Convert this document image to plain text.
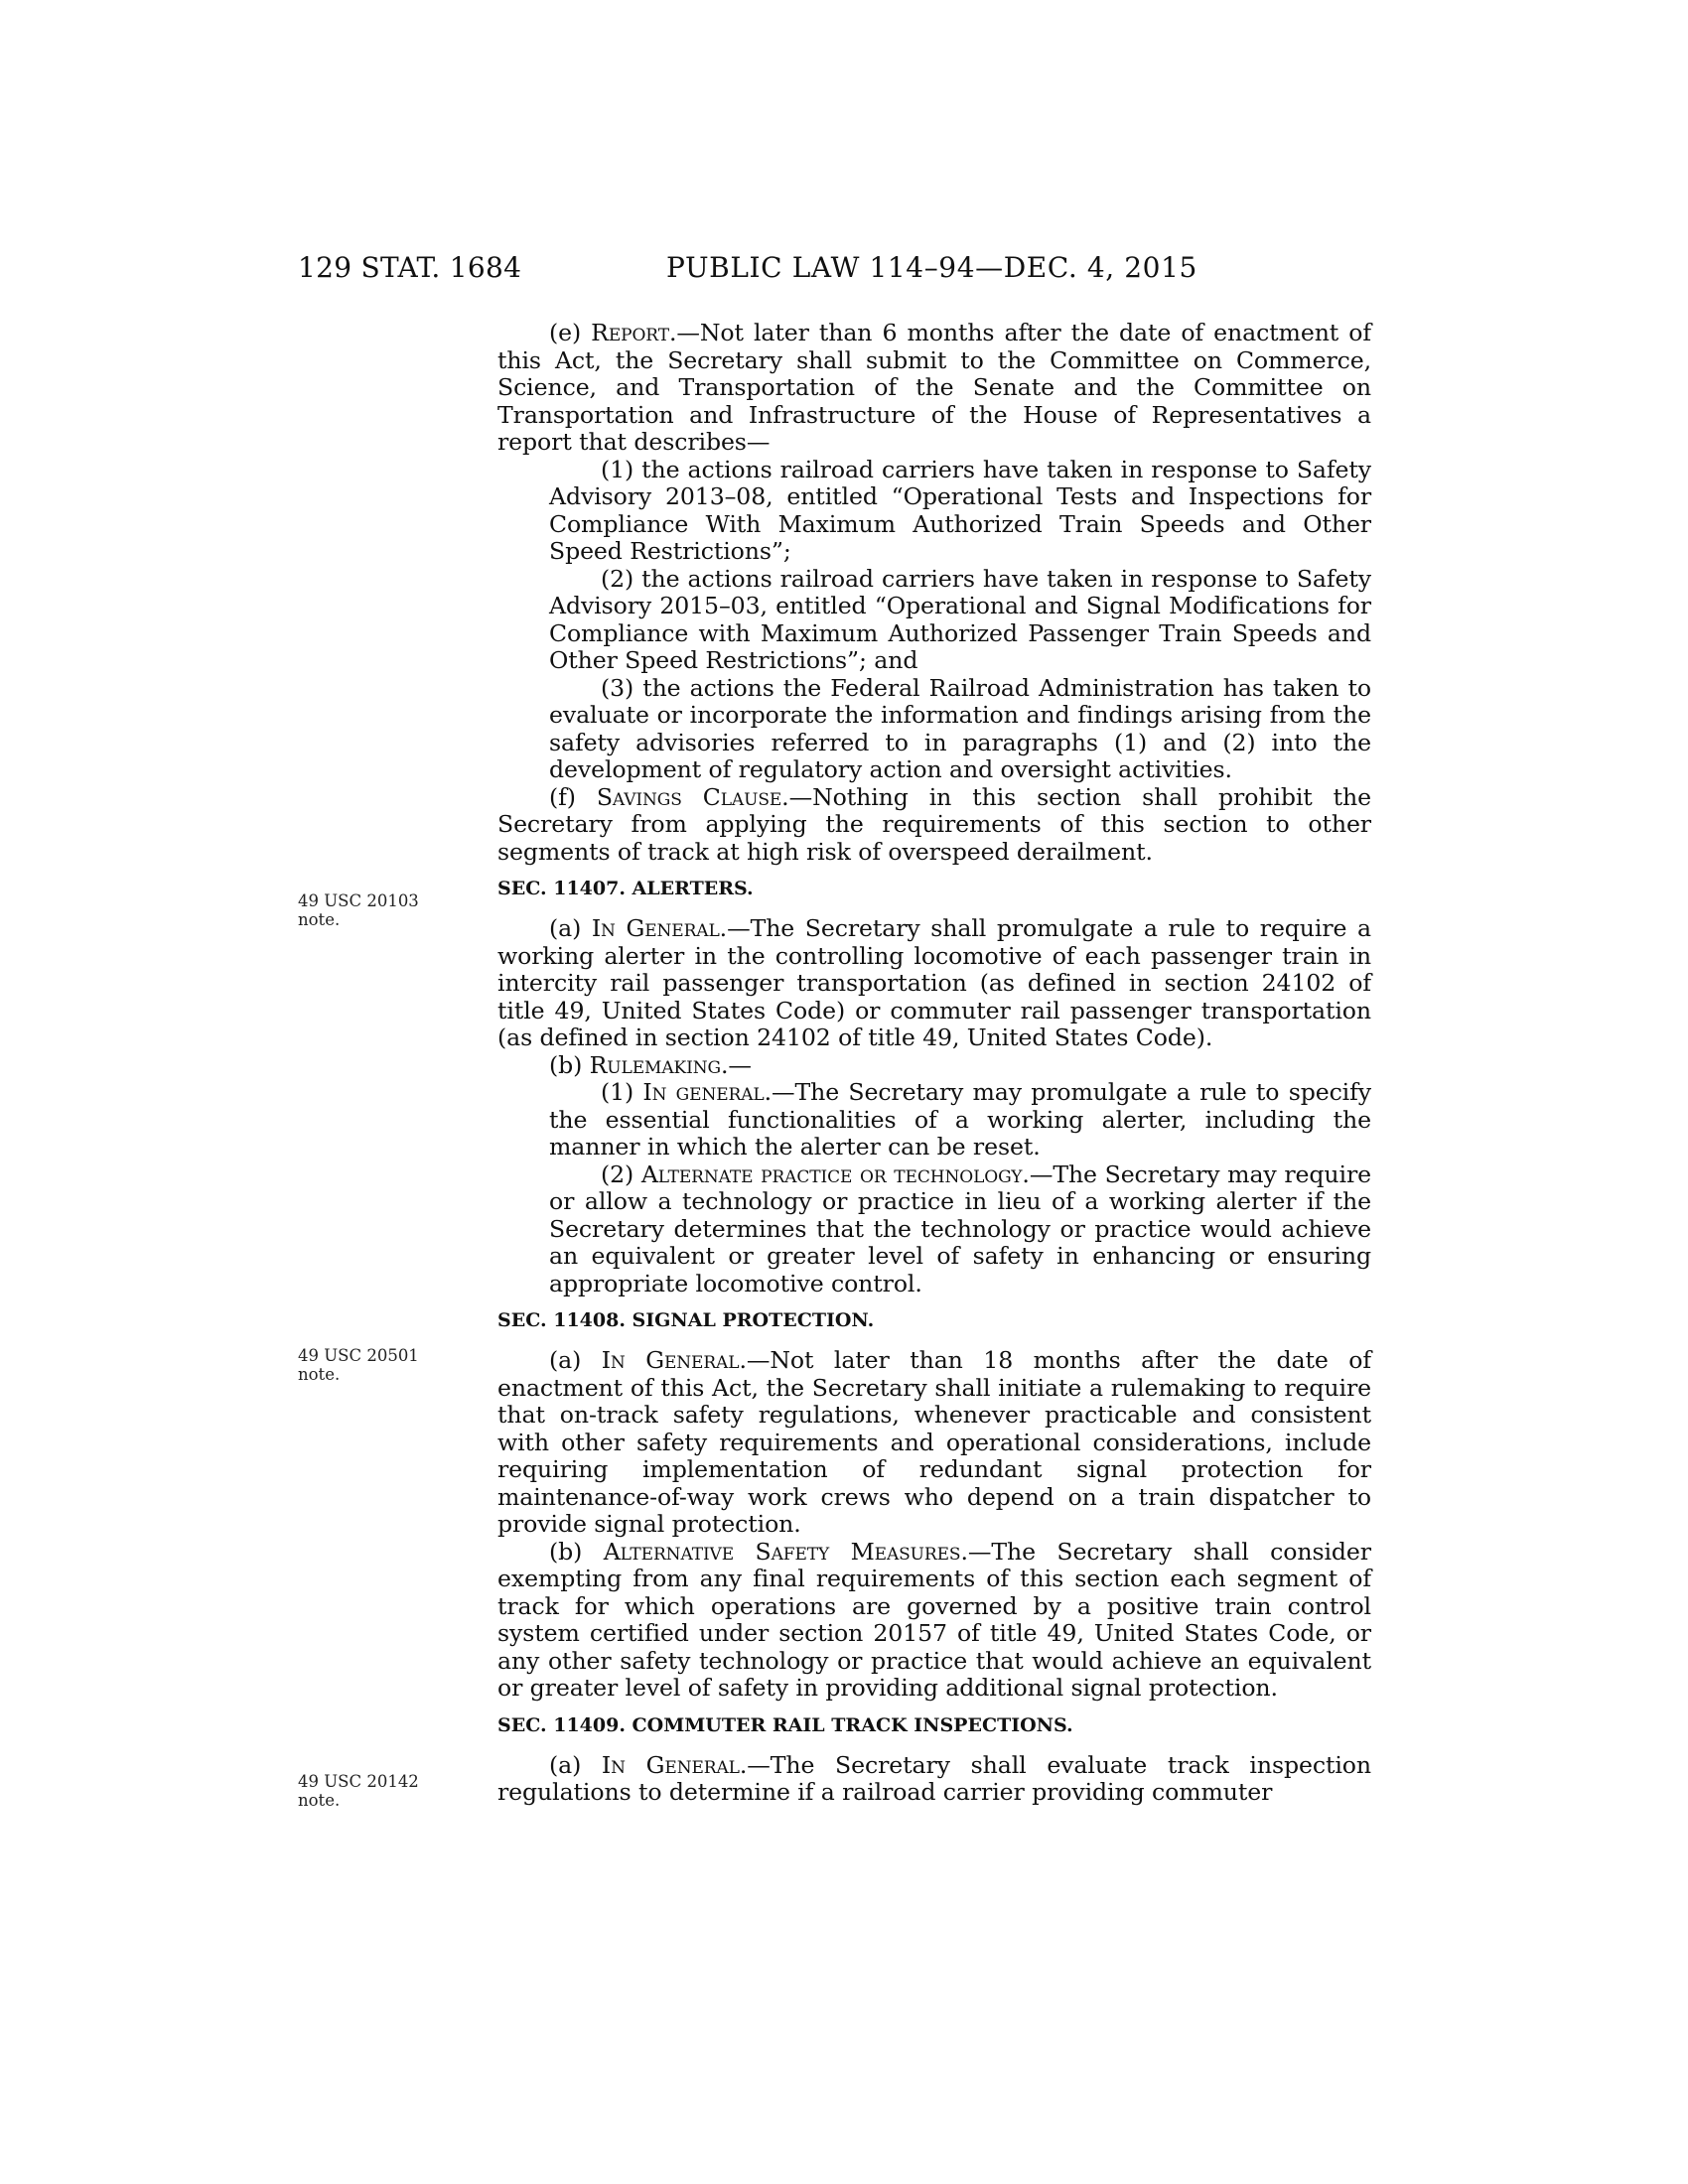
129 STAT. 1684	PUBLIC LAW 114–94—DEC. 4, 2015
49 USC 20103
note.
49 USC 20501
note.
49 USC 20142
note.

(e) Report.—Not later than 6 months after the date of enactment of this Act, the Secretary shall submit to the Committee on Commerce, Science, and Transportation of the Senate and the Committee on Transportation and Infrastructure of the House of Representatives a report that describes—

(1) the actions railroad carriers have taken in response to Safety Advisory 2013–08, entitled “Operational Tests and Inspections for Compliance With Maximum Authorized Train Speeds and Other Speed Restrictions”;

(2) the actions railroad carriers have taken in response to Safety Advisory 2015–03, entitled “Operational and Signal Modifications for Compliance with Maximum Authorized Passenger Train Speeds and Other Speed Restrictions”; and

(3) the actions the Federal Railroad Administration has taken to evaluate or incorporate the information and findings arising from the safety advisories referred to in paragraphs (1) and (2) into the development of regulatory action and oversight activities.

(f) Savings Clause.—Nothing in this section shall prohibit the Secretary from applying the requirements of this section to other segments of track at high risk of overspeed derailment.

SEC. 11407. ALERTERS.

(a) In General.—The Secretary shall promulgate a rule to require a working alerter in the controlling locomotive of each passenger train in intercity rail passenger transportation (as defined in section 24102 of title 49, United States Code) or commuter rail passenger transportation (as defined in section 24102 of title 49, United States Code).

(b) Rulemaking.—

(1) In general.—The Secretary may promulgate a rule to specify the essential functionalities of a working alerter, including the manner in which the alerter can be reset.

(2) Alternate practice or technology.—The Secretary may require or allow a technology or practice in lieu of a working alerter if the Secretary determines that the technology or practice would achieve an equivalent or greater level of safety in enhancing or ensuring appropriate locomotive control.

SEC. 11408. SIGNAL PROTECTION.

(a) In General.—Not later than 18 months after the date of enactment of this Act, the Secretary shall initiate a rulemaking to require that on-track safety regulations, whenever practicable and consistent with other safety requirements and operational considerations, include requiring implementation of redundant signal protection for maintenance-of-way work crews who depend on a train dispatcher to provide signal protection.

(b) Alternative Safety Measures.—The Secretary shall consider exempting from any final requirements of this section each segment of track for which operations are governed by a positive train control system certified under section 20157 of title 49, United States Code, or any other safety technology or practice that would achieve an equivalent or greater level of safety in providing additional signal protection.

SEC. 11409. COMMUTER RAIL TRACK INSPECTIONS.

(a) In General.—The Secretary shall evaluate track inspection regulations to determine if a railroad carrier providing commuter
